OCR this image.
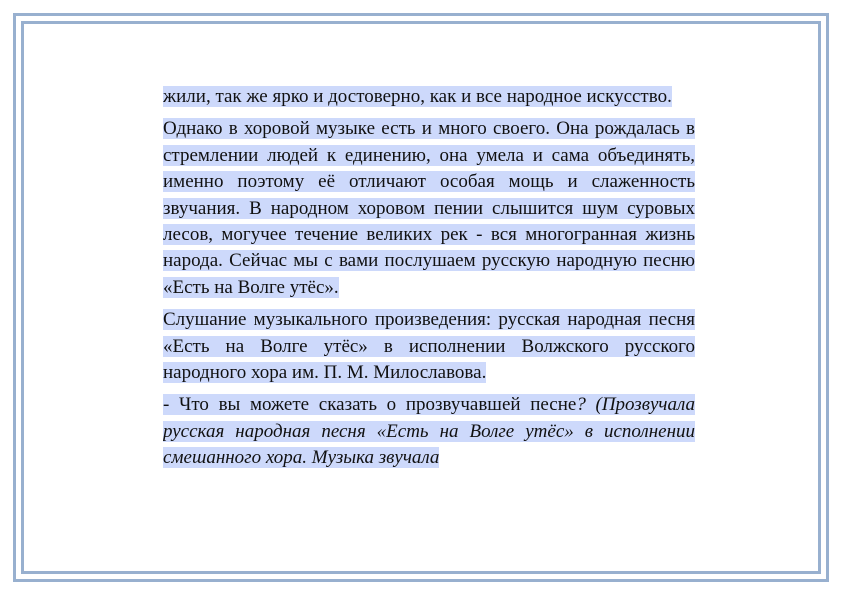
жили, так же ярко и достоверно, как и все народное искусство.

Однако в хоровой музыке есть и много своего. Она рождалась в стремлении людей к единению, она умела и сама объединять, именно поэтому её отличают особая мощь и слаженность звучания. В народном хоровом пении слышится шум суровых лесов, могучее течение великих рек - вся многогранная жизнь народа. Сейчас мы с вами послушаем русскую народную песню «Есть на Волге утёс».

Слушание музыкального произведения: русская народная песня «Есть на Волге утёс» в исполнении Волжского русского народного хора им. П. М. Милославова.

- Что вы можете сказать о прозвучавшей песне? (Прозвучала русская народная песня «Есть на Волге утёс» в исполнении смешанного хора. Музыка звучала
